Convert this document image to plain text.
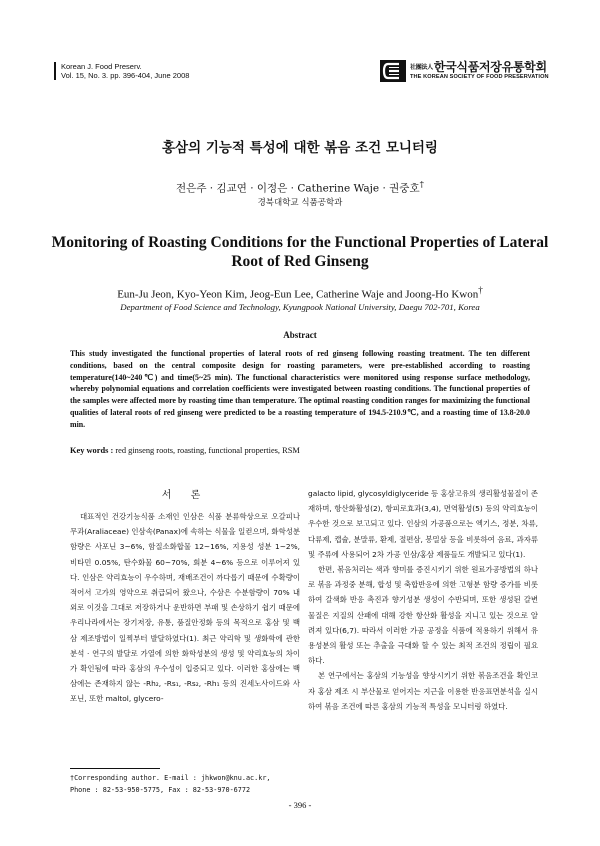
Korean J. Food Preserv.
Vol. 15, No. 3. pp. 396-404, June 2008
社團法人한국식품저장유통학회
THE KOREAN SOCIETY OF FOOD PRESERVATION
홍삼의 기능적 특성에 대한 볶음 조건 모니터링
전은주 · 김교연 · 이정은 · Catherine Waje · 권중호†
경북대학교 식품공학과
Monitoring of Roasting Conditions for the Functional Properties of Lateral Root of Red Ginseng
Eun-Ju Jeon, Kyo-Yeon Kim, Jeog-Eun Lee, Catherine Waje and Joong-Ho Kwon†
Department of Food Science and Technology, Kyungpook National University, Daegu 702-701, Korea
Abstract
This study investigated the functional properties of lateral roots of red ginseng following roasting treatment. The ten different conditions, based on the central composite design for roasting parameters, were pre-established according to roasting temperature(140~240℃) and time(5~25 min). The functional characteristics were monitored using response surface methodology, whereby polynomial equations and correlation coefficients were investigated between roasting conditions. The functional properties of the samples were affected more by roasting time than temperature. The optimal roasting condition ranges for maximizing the functional qualities of lateral roots of red ginseng were predicted to be a roasting temperature of 194.5-210.9℃, and a roasting time of 13.8-20.0 min.
Key words : red ginseng roots, roasting, functional properties, RSM
서 론

대표적인 건강기능식품 소재인 인삼은 식품 분류학상으로 오갈피나무과(Araliaceae) 인삼속(Panax)에 속하는 식물을 일컫으며, 화학성분 함량은 사포닌 3~6%, 함질소화합물 12~16%, 지용성 성분 1~2%, 비타민 0.05%, 탄수화물 60~70%, 회분 4~6% 등으로 이루어져 있다. 인삼은 약리효능이 우수하며, 재배조건이 까다롭기 때문에 수확량이 적어서 고가의 영약으로 취급되어 왔으나, 수삼은 수분함량이 70% 내외로 이것을 그대로 저장하거나 운반하면 부패 및 손상하기 쉽기 때문에 우리나라에서는 장기저장, 유통, 품질안정화 등의 목적으로 홍삼 및 백삼 제조방법이 일찍부터 발달하였다(1). 최근 약리학 및 생화학에 관한 분석 · 연구의 발달로 가열에 의한 화학성분의 생성 및 약리효능의 차이가 확인됨에 따라 홍삼의 우수성이 입증되고 있다. 이러한 홍삼에는 백삼에는 존재하지 않는 -Rh₂, -Rs₁, -Rs₂, -Rh₁ 등의 진세노사이드와 사포닌, 또한 maltol, glycero-

galacto lipid, glycosyldiglyceride 등 홍삼고유의 생리활성물질이 존재하며, 항산화활성(2), 항피로효과(3,4), 면역활성(5) 등의 약리효능이 우수한 것으로 보고되고 있다. 인삼의 가공품으로는 엑기스, 정분, 차류, 다류제, 캡슐, 분말류, 환제, 절편삼, 봉밀삼 등을 비롯하여 음료, 과자류 및 주류에 사용되어 2차 가공 인삼/홍삼 제품들도 개발되고 있다(1).

한편, 볶음처리는 색과 향미를 증진시키기 위한 원료가공방법의 하나로 볶음 과정중 분해, 합성 및 축합반응에 의한 고형분 함량 증가를 비롯하여 갈색화 반응 촉진과 향기성분 생성이 수반되며, 또한 생성된 갈변물질은 지질의 산패에 대해 강한 항산화 활성을 지니고 있는 것으로 알려져 있다(6,7). 따라서 이러한 가공 공정을 식품에 적용하기 위해서 유용성분의 활성 또는 추출을 극대화 할 수 있는 최적 조건의 정립이 필요하다.

본 연구에서는 홍삼의 기능성을 향상시키기 위한 볶음조건을 확인코자 홍삼 제조 시 부산물로 얻어지는 지근을 이용한 반응표면분석을 실시하여 볶음 조건에 따른 홍삼의 기능적 특성을 모니터링 하였다.

†Corresponding author. E-mail : jhkwon@knu.ac.kr,
Phone : 82-53-950-5775, Fax : 82-53-970-6772
- 396 -
